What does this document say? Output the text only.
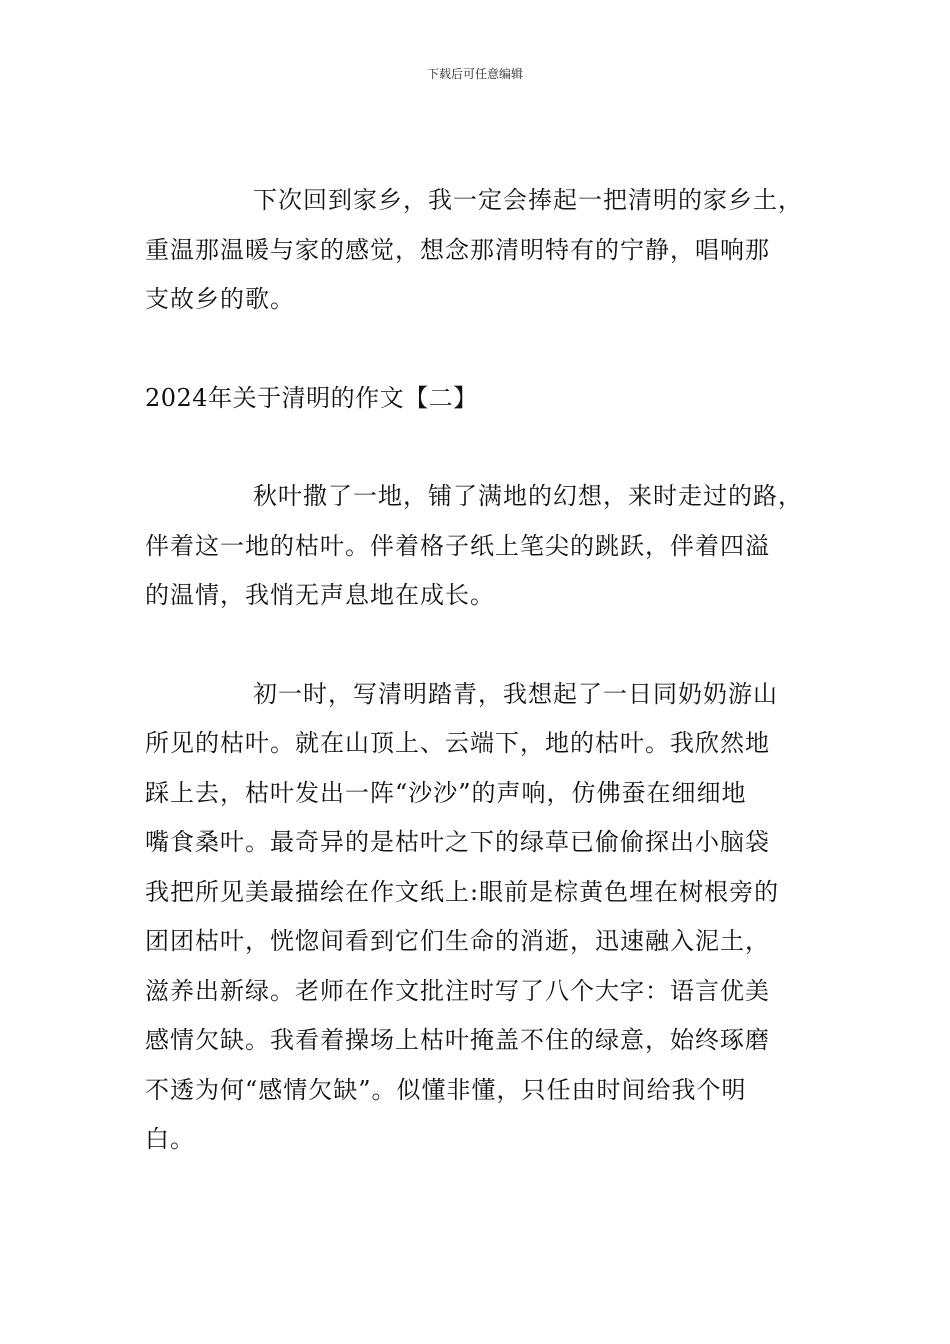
下载后可任意编辑
下次回到家乡，我一定会捧起一把清明的家乡土，
重温那温暖与家的感觉，想念那清明特有的宁静，唱响那
支故乡的歌。
2024年关于清明的作文【二】
秋叶撒了一地，铺了满地的幻想，来时走过的路，
伴着这一地的枯叶。伴着格子纸上笔尖的跳跃，伴着四溢
的温情，我悄无声息地在成长。
初一时，写清明踏青，我想起了一日同奶奶游山
所见的枯叶。就在山顶上、云端下，地的枯叶。我欣然地
踩上去，枯叶发出一阵“沙沙”的声响，仿佛蚕在细细地
嘴食桑叶。最奇异的是枯叶之下的绿草已偷偷探出小脑袋
我把所见美最描绘在作文纸上:眼前是棕黄色埋在树根旁的
团团枯叶，恍惚间看到它们生命的消逝，迅速融入泥土，
滋养出新绿。老师在作文批注时写了八个大字：语言优美
感情欠缺。我看着操场上枯叶掩盖不住的绿意，始终琢磨
不透为何“感情欠缺”。似懂非懂，只任由时间给我个明
白。
